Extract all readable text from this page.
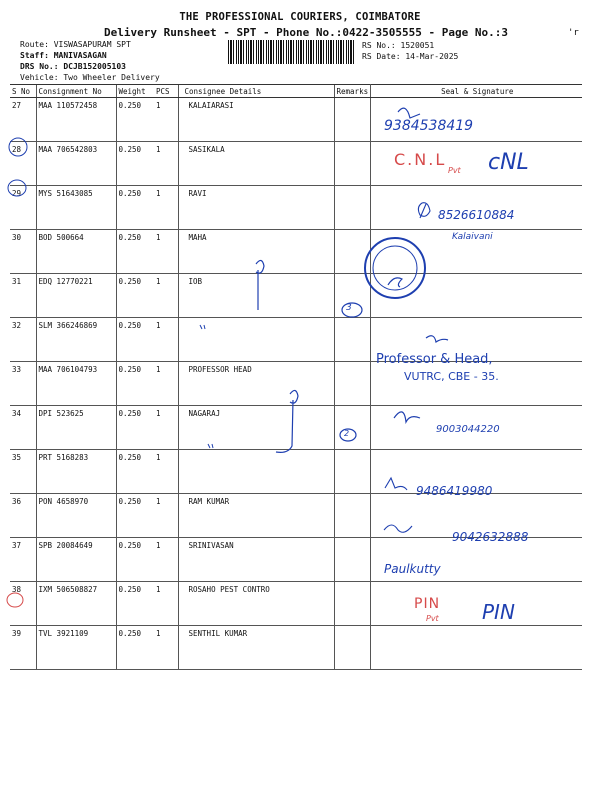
THE PROFESSIONAL COURIERS, COIMBATORE
Delivery Runsheet - SPT - Phone No.:0422-3505555 - Page No.:3	'r
Route: VISWASAPURAM SPT
Staff: MANIVASAGAN
DRS No.: DCJB152005103
Vehicle: Two Wheeler Delivery
RS No.: 1520051
RS Date: 14-Mar-2025
S No	Consignment No	Weight	PCS	Consignee Details	Remarks	Seal & Signature
27	MAA 110572458	0.250	1	KALAIARASI		
28	MAA 706542803	0.250	1	SASIKALA		
29	MYS 51643085	0.250	1	RAVI		
30	BOD 500664	0.250	1	MAHA		
31	EDQ 12770221	0.250	1	IOB		
32	SLM 366246869	0.250	1			
33	MAA 706104793	0.250	1	PROFESSOR HEAD		
34	DPI 523625	0.250	1	NAGARAJ		
35	PRT 5168283	0.250	1			
36	PON 4658970	0.250	1	RAM KUMAR		
37	SPB 20084649	0.250	1	SRINIVASAN		
38	IXM 506508827	0.250	1	ROSAHO PEST CONTRO		
39	TVL 3921109	0.250	1	SENTHIL KUMAR		
9384538419
C.N.L
Pvt cNL
8526610884
Kalaivani
3
Professor & Head,
VUTRC, CBE - 35.
2	9003044220
9486419980
9042632888
Paulkutty
PIN
Pvt PIN
